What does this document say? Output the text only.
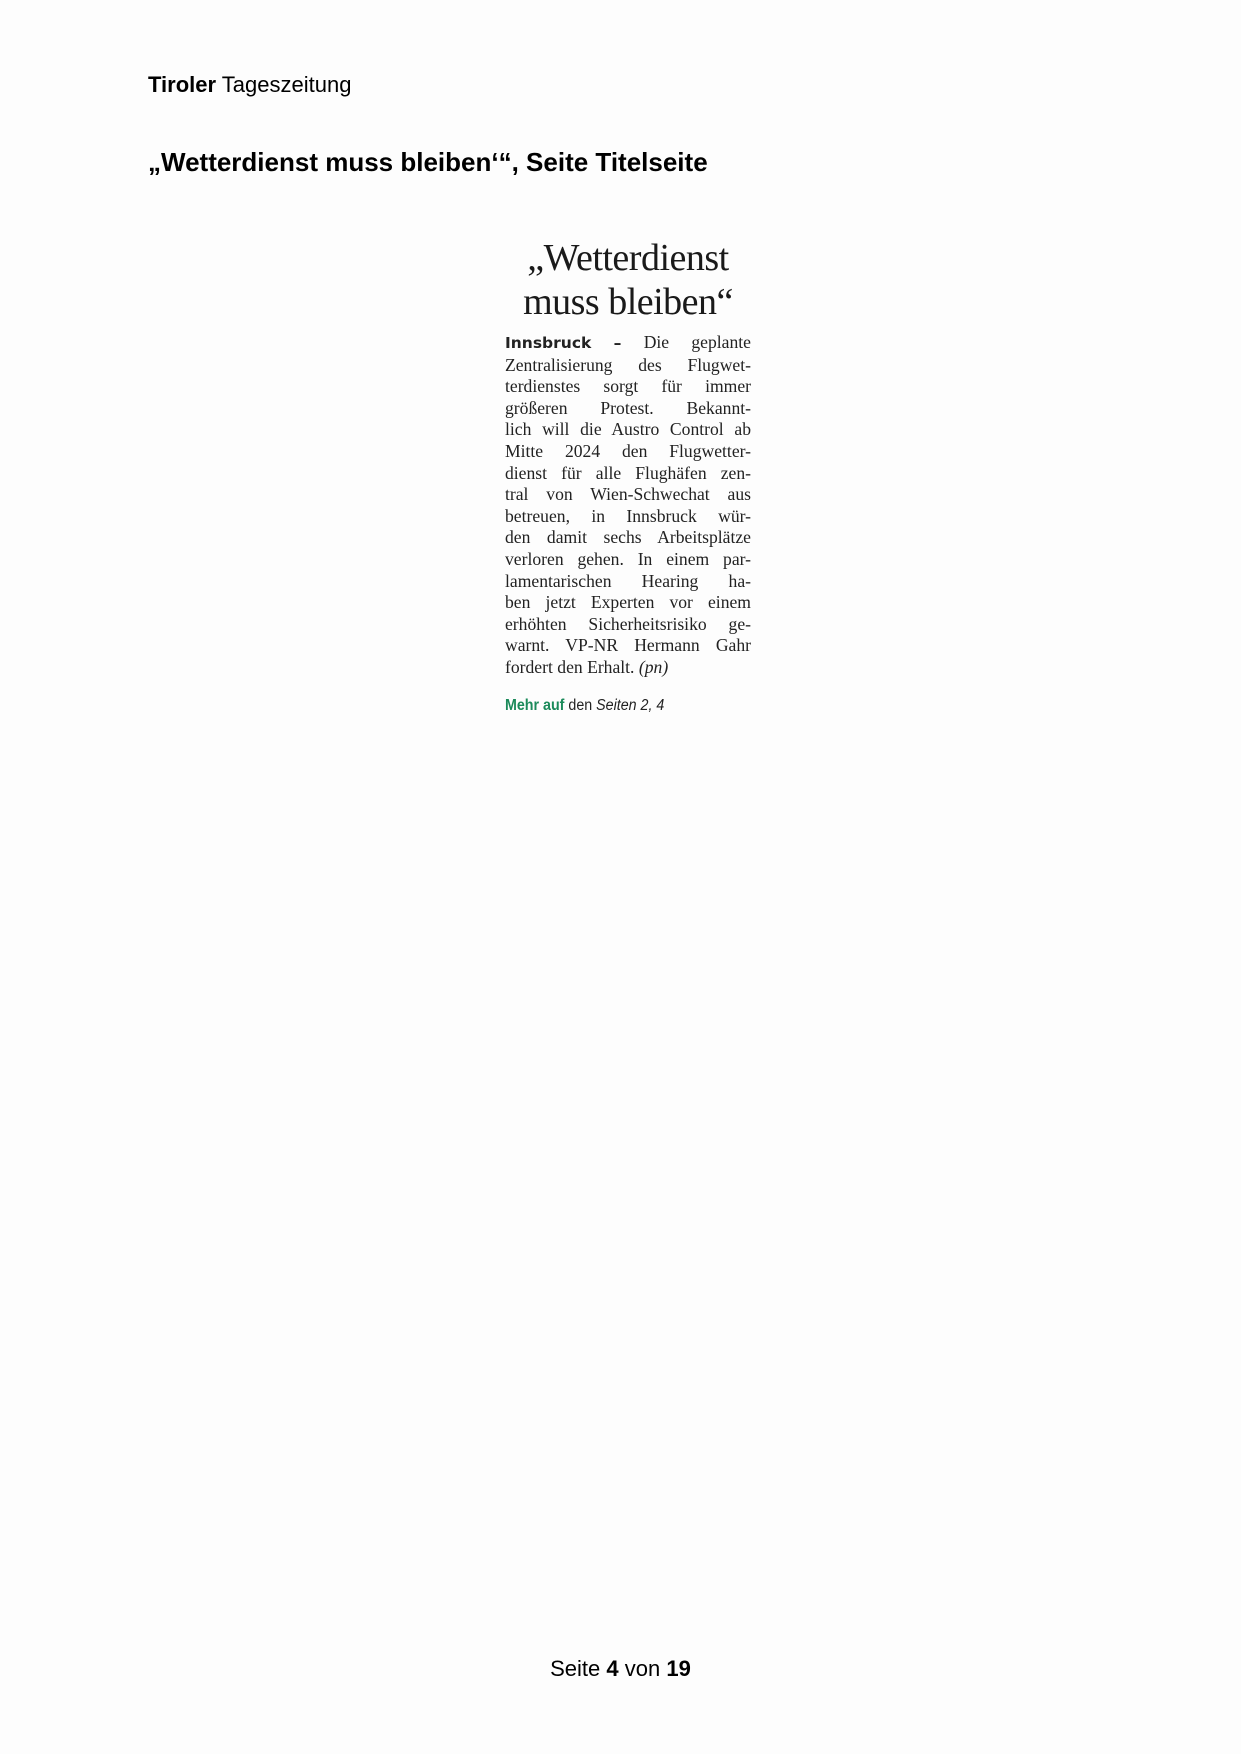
Tiroler Tageszeitung
„Wetterdienst muss bleiben‘“, Seite Titelseite
„Wetterdienst
muss bleiben“
Innsbruck – Die geplante
Zentralisierung des Flugwet-
terdienstes sorgt für immer
größeren Protest. Bekannt-
lich will die Austro Control ab
Mitte 2024 den Flugwetter-
dienst für alle Flughäfen zen-
tral von Wien-Schwechat aus
betreuen, in Innsbruck wür-
den damit sechs Arbeitsplätze
verloren gehen. In einem par-
lamentarischen Hearing ha-
ben jetzt Experten vor einem
erhöhten Sicherheitsrisiko ge-
warnt. VP-NR Hermann Gahr
fordert den Erhalt. (pn)
Mehr auf den Seiten 2, 4
Seite 4 von 19
